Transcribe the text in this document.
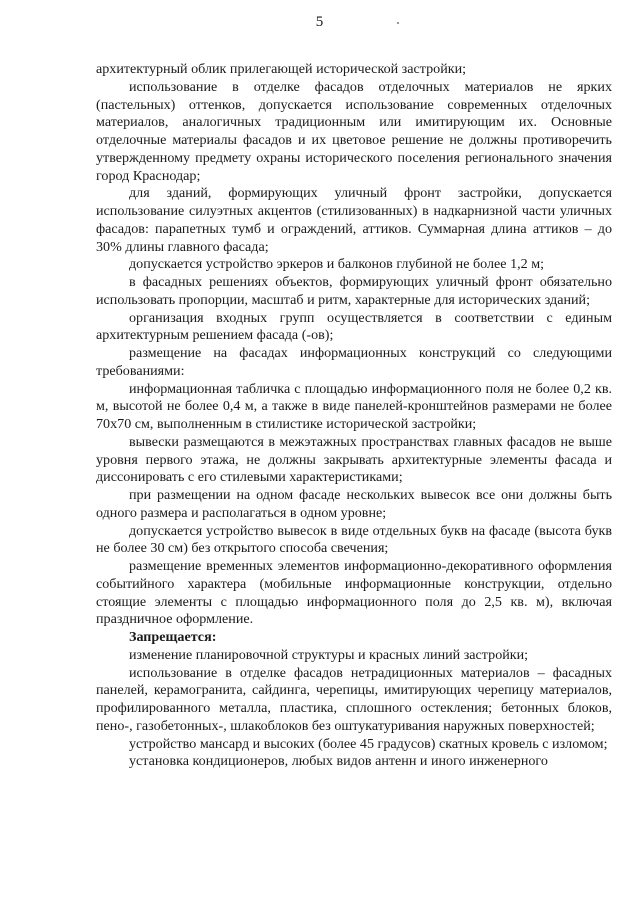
5

архитектурный облик прилегающей исторической застройки;

использование в отделке фасадов отделочных материалов не ярких (пастельных) оттенков, допускается использование современных отделочных материалов, аналогичных традиционным или имитирующим их. Основные отделочные материалы фасадов и их цветовое решение не должны противоречить утвержденному предмету охраны исторического поселения регионального значения город Краснодар;

для зданий, формирующих уличный фронт застройки, допускается использование силуэтных акцентов (стилизованных) в надкарнизной части уличных фасадов: парапетных тумб и ограждений, аттиков. Суммарная длина аттиков – до 30% длины главного фасада;

допускается устройство эркеров и балконов глубиной не более 1,2 м;

в фасадных решениях объектов, формирующих уличный фронт обязательно использовать пропорции, масштаб и ритм, характерные для исторических зданий;

организация входных групп осуществляется в соответствии с единым архитектурным решением фасада (-ов);

размещение на фасадах информационных конструкций со следующими требованиями:

информационная табличка с площадью информационного поля не более 0,2 кв. м, высотой не более 0,4 м, а также в виде панелей-кронштейнов размерами не более 70х70 см, выполненным в стилистике исторической застройки;

вывески размещаются в межэтажных пространствах главных фасадов не выше уровня первого этажа, не должны закрывать архитектурные элементы фасада и диссонировать с его стилевыми характеристиками;

при размещении на одном фасаде нескольких вывесок все они должны быть одного размера и располагаться в одном уровне;

допускается устройство вывесок в виде отдельных букв на фасаде (высота букв не более 30 см) без открытого способа свечения;

размещение временных элементов информационно-декоративного оформления событийного характера (мобильные информационные конструкции, отдельно стоящие элементы с площадью информационного поля до 2,5 кв. м), включая праздничное оформление.

Запрещается:

изменение планировочной структуры и красных линий застройки;

использование в отделке фасадов нетрадиционных материалов – фасадных панелей, керамогранита, сайдинга, черепицы, имитирующих черепицу материалов, профилированного металла, пластика, сплошного остекления; бетонных блоков, пено-, газобетонных-, шлакоблоков без оштукатуривания наружных поверхностей;

устройство мансард и высоких (более 45 градусов) скатных кровель с изломом;

установка кондиционеров, любых видов антенн и иного инженерного
